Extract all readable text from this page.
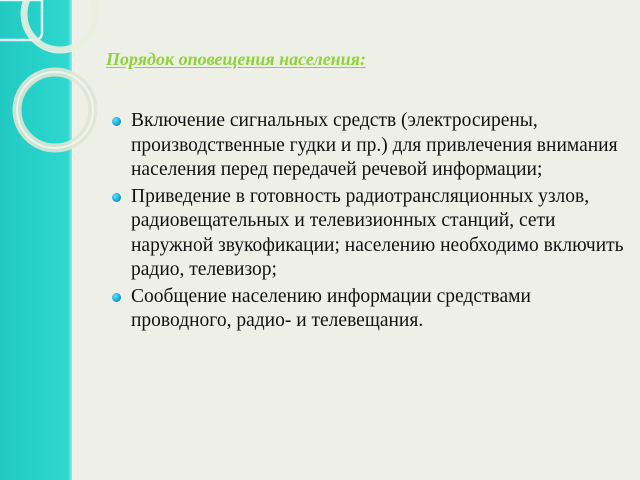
Порядок оповещения населения:
Включение сигнальных средств (электросирены, производственные гудки и пр.) для привлечения внимания населения перед передачей речевой информации;
Приведение в готовность радиотрансляционных узлов, радиовещательных и телевизионных станций, сети наружной звукофикации; населению необходимо включить радио, телевизор;
Сообщение населению информации средствами проводного, радио- и телевещания.
